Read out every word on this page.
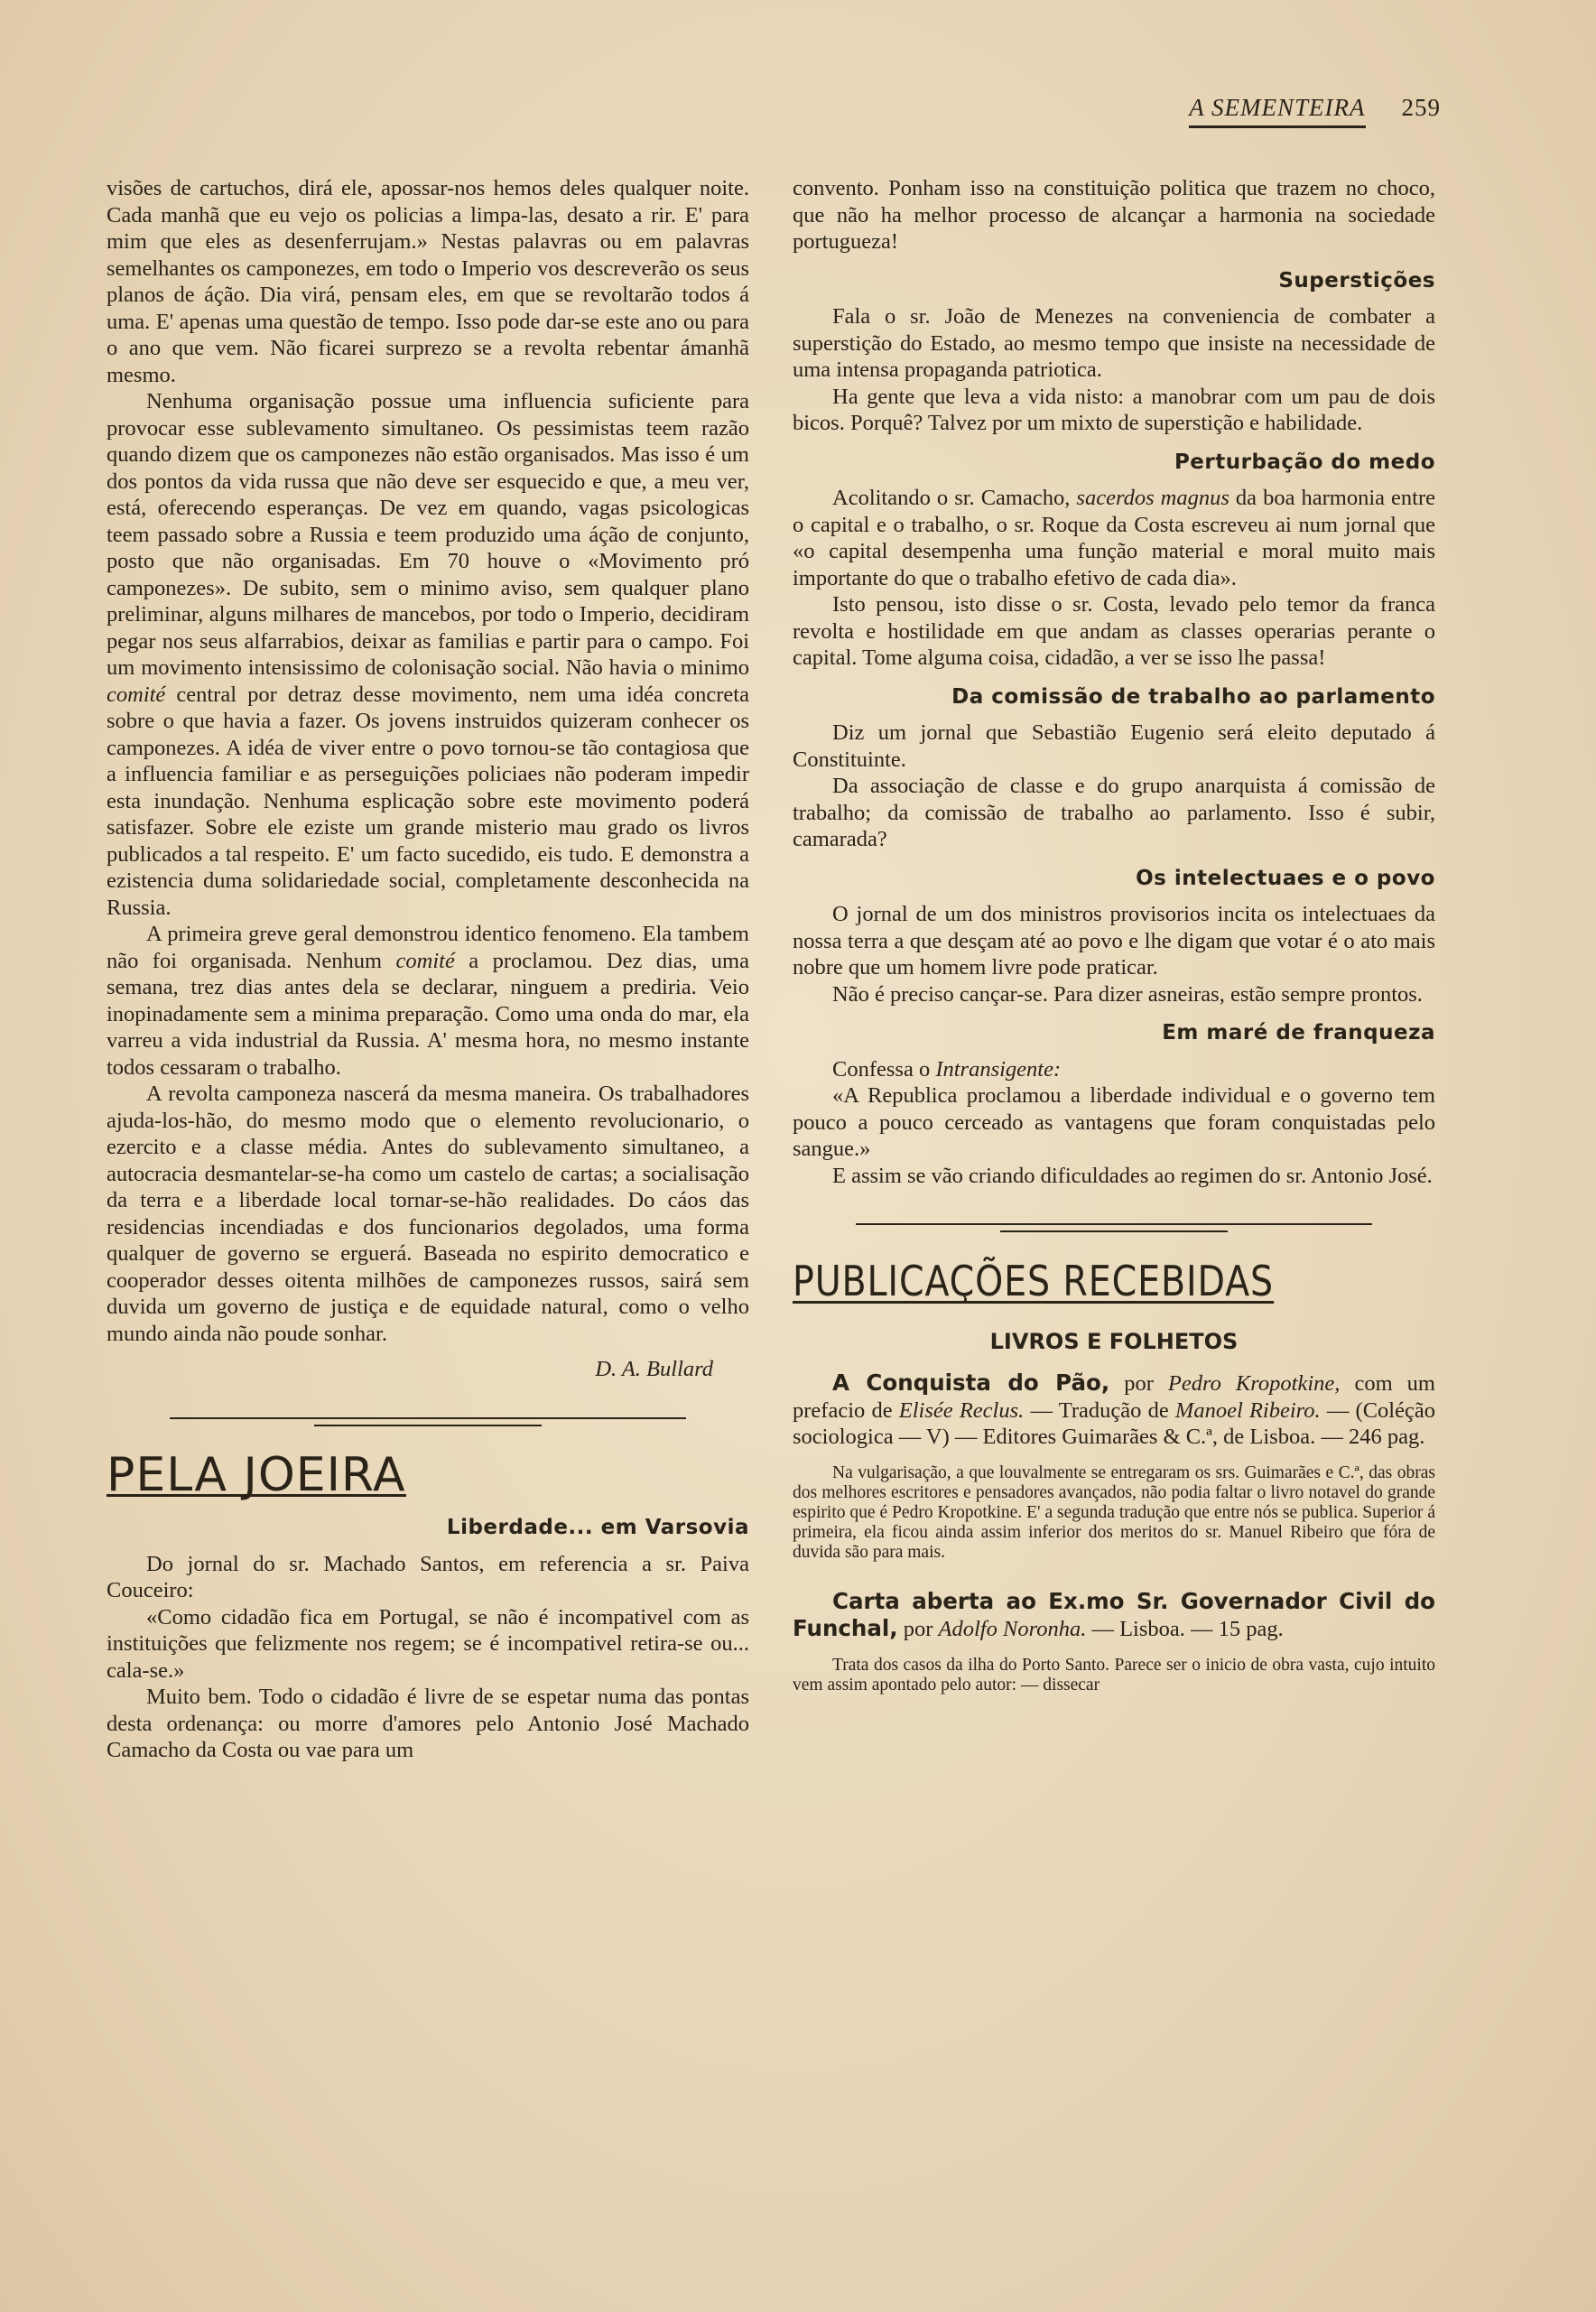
A SEMENTEIRA 259

visões de cartuchos, dirá ele, apossar-nos hemos deles qualquer noite. Cada manhã que eu vejo os policias a limpa-las, desato a rir. E' para mim que eles as desenferrujam.» Nestas palavras ou em palavras semelhantes os camponezes, em todo o Imperio vos descreverão os seus planos de áção. Dia virá, pensam eles, em que se revoltarão todos á uma. E' apenas uma questão de tempo. Isso pode dar-se este ano ou para o ano que vem. Não ficarei surprezo se a revolta rebentar ámanhã mesmo.

Nenhuma organisação possue uma influencia suficiente para provocar esse sublevamento simultaneo. Os pessimistas teem razão quando dizem que os camponezes não estão organisados. Mas isso é um dos pontos da vida russa que não deve ser esquecido e que, a meu ver, está, oferecendo esperanças. De vez em quando, vagas psicologicas teem passado sobre a Russia e teem produzido uma áção de conjunto, posto que não organisadas. Em 70 houve o «Movimento pró camponezes». De subito, sem o minimo aviso, sem qualquer plano preliminar, alguns milhares de mancebos, por todo o Imperio, decidiram pegar nos seus alfarrabios, deixar as familias e partir para o campo. Foi um movimento intensissimo de colonisação social. Não havia o minimo comité central por detraz desse movimento, nem uma idéa concreta sobre o que havia a fazer. Os jovens instruidos quizeram conhecer os camponezes. A idéa de viver entre o povo tornou-se tão contagiosa que a influencia familiar e as perseguições policiaes não poderam impedir esta inundação. Nenhuma esplicação sobre este movimento poderá satisfazer. Sobre ele eziste um grande misterio mau grado os livros publicados a tal respeito. E' um facto sucedido, eis tudo. E demonstra a ezistencia duma solidariedade social, completamente desconhecida na Russia.

A primeira greve geral demonstrou identico fenomeno. Ela tambem não foi organisada. Nenhum comité a proclamou. Dez dias, uma semana, trez dias antes dela se declarar, ninguem a prediria. Veio inopinadamente sem a minima preparação. Como uma onda do mar, ela varreu a vida industrial da Russia. A' mesma hora, no mesmo instante todos cessaram o trabalho.

A revolta camponeza nascerá da mesma maneira. Os trabalhadores ajuda-los-hão, do mesmo modo que o elemento revolucionario, o ezercito e a classe média. Antes do sublevamento simultaneo, a autocracia desmantelar-se-ha como um castelo de cartas; a socialisação da terra e a liberdade local tornar-se-hão realidades. Do cáos das residencias incendiadas e dos funcionarios degolados, uma forma qualquer de governo se erguerá. Baseada no espirito democratico e cooperador desses oitenta milhões de camponezes russos, sairá sem duvida um governo de justiça e de equidade natural, como o velho mundo ainda não poude sonhar.

D. A. Bullard

PELA JOEIRA
Liberdade... em Varsovia

Do jornal do sr. Machado Santos, em referencia a sr. Paiva Couceiro:

«Como cidadão fica em Portugal, se não é incompativel com as instituições que felizmente nos regem; se é incompativel retira-se ou... cala-se.»

Muito bem. Todo o cidadão é livre de se espetar numa das pontas desta ordenança: ou morre d'amores pelo Antonio José Machado Camacho da Costa ou vae para um

convento. Ponham isso na constituição politica que trazem no choco, que não ha melhor processo de alcançar a harmonia na sociedade portugueza!

Superstições

Fala o sr. João de Menezes na conveniencia de combater a superstição do Estado, ao mesmo tempo que insiste na necessidade de uma intensa propaganda patriotica.

Ha gente que leva a vida nisto: a manobrar com um pau de dois bicos. Porquê? Talvez por um mixto de superstição e habilidade.

Perturbação do medo

Acolitando o sr. Camacho, sacerdos magnus da boa harmonia entre o capital e o trabalho, o sr. Roque da Costa escreveu ai num jornal que «o capital desempenha uma função material e moral muito mais importante do que o trabalho efetivo de cada dia».

Isto pensou, isto disse o sr. Costa, levado pelo temor da franca revolta e hostilidade em que andam as classes operarias perante o capital. Tome alguma coisa, cidadão, a ver se isso lhe passa!

Da comissão de trabalho ao parlamento

Diz um jornal que Sebastião Eugenio será eleito deputado á Constituinte.

Da associação de classe e do grupo anarquista á comissão de trabalho; da comissão de trabalho ao parlamento. Isso é subir, camarada?

Os intelectuaes e o povo

O jornal de um dos ministros provisorios incita os intelectuaes da nossa terra a que desçam até ao povo e lhe digam que votar é o ato mais nobre que um homem livre pode praticar.

Não é preciso cançar-se. Para dizer asneiras, estão sempre prontos.

Em maré de franqueza

Confessa o Intransigente:

«A Republica proclamou a liberdade individual e o governo tem pouco a pouco cerceado as vantagens que foram conquistadas pelo sangue.»

E assim se vão criando dificuldades ao regimen do sr. Antonio José.

PUBLICAÇÕES RECEBIDAS
LIVROS E FOLHETOS

A Conquista do Pão, por Pedro Kropotkine, com um prefacio de Elisée Reclus. — Tradução de Manoel Ribeiro. — (Coléção sociologica — V) — Editores Guimarães & C.ª, de Lisboa. — 246 pag.

Na vulgarisação, a que louvalmente se entregaram os srs. Guimarães e C.ª, das obras dos melhores escritores e pensadores avançados, não podia faltar o livro notavel do grande espirito que é Pedro Kropotkine. E' a segunda tradução que entre nós se publica. Superior á primeira, ela ficou ainda assim inferior dos meritos do sr. Manuel Ribeiro que fóra de duvida são para mais.

Carta aberta ao Ex.mo Sr. Governador Civil do Funchal, por Adolfo Noronha. — Lisboa. — 15 pag.

Trata dos casos da ilha do Porto Santo. Parece ser o inicio de obra vasta, cujo intuito vem assim apontado pelo autor: — dissecar
